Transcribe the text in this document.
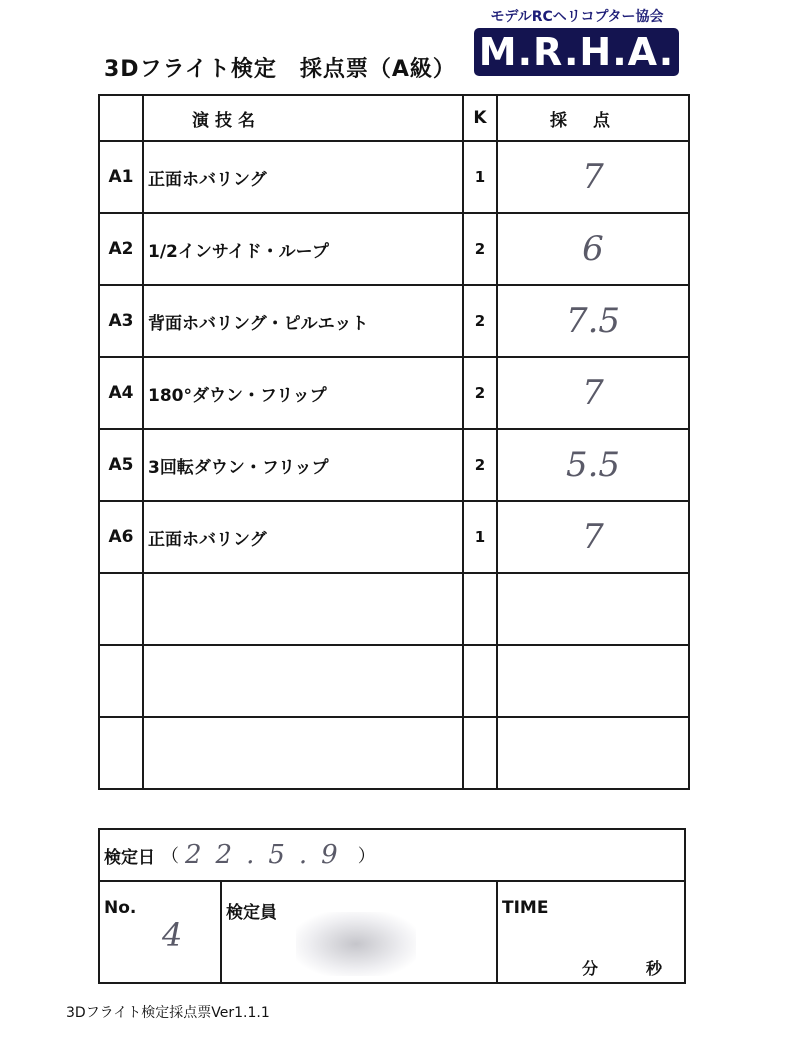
モデルRCヘリコプター協会
M.R.H.A.
3Dフライト検定　採点票（A級）
	演技名	K	採点
A1	正面ホバリング	1	7
A2	1/2インサイド・ループ	2	6
A3	背面ホバリング・ピルエット	2	7.5
A4	180°ダウン・フリップ	2	7
A5	3回転ダウン・フリップ	2	5.5
A6	正面ホバリング	1	7

検定日 （ 22.5.9 ）
No.
4
検定員	TIME
分	秒
3Dフライト検定採点票Ver1.1.1
